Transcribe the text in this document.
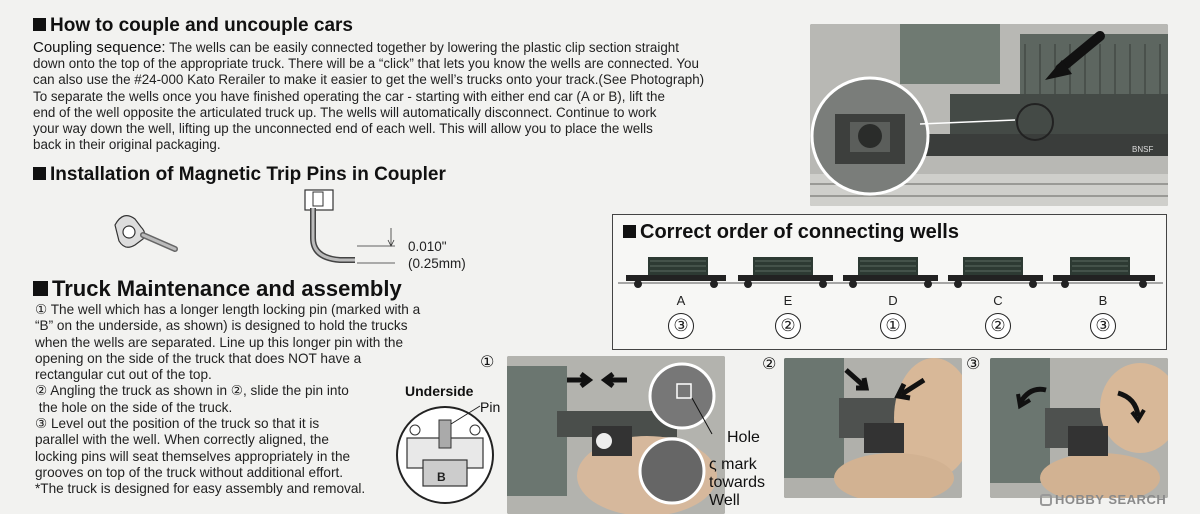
How to couple and uncouple cars
Coupling sequence: The wells can be easily connected together by lowering the plastic clip section straight
down onto the top of the appropriate truck. There will be a “click” that lets you know the wells are connected. You
can also use the #24-000 Kato Rerailer to make it easier to get the well’s trucks onto your track.(See Photograph)
To separate the wells once you have finished operating the car - starting with either end car (A or B), lift the
end of the well opposite the articulated truck up. The wells will automatically disconnect. Continue to work
your way down the well, lifting up the unconnected end of each well. This will allow you to place the wells
back in their original packaging.	BNSF
Installation of Magnetic Trip Pins in Coupler
0.010"
(0.25mm)
Correct order of connecting wells
A	E	D	C	B
③	②	①	②	③
Truck Maintenance and assembly
① The well which has a longer length locking pin (marked with a
“B” on the underside, as shown) is designed to hold the trucks
when the wells are separated. Line up this longer pin with the
opening on the side of the truck that does NOT have a
rectangular cut out of the top.
② Angling the truck as shown in ②, slide the pin into
the hole on the side of the truck.
③ Level out the position of the truck so that it is
parallel with the well. When correctly aligned, the
locking pins will seat themselves appropriately in the
grooves on top of the truck without additional effort.
*The truck is designed for easy assembly and removal.
Underside
Pin
B
①
Hole
ς mark
towards
Well
②	③
HOBBY SEARCH
